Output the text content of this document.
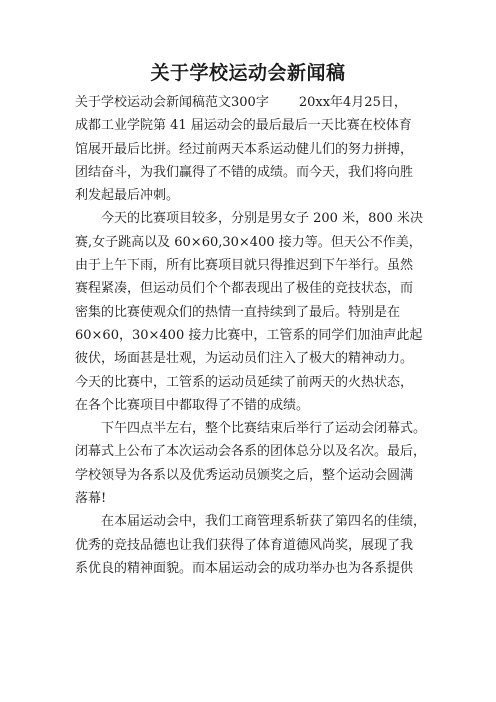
关于学校运动会新闻稿
关于学校运动会新闻稿范文300字 20xx年4月25日，
成都工业学院第 41 届运动会的最后最后一天比赛在校体育
馆展开最后比拼。经过前两天本系运动健儿们的努力拼搏，
团结奋斗，为我们赢得了不错的成绩。而今天，我们将向胜
利发起最后冲刺。
今天的比赛项目较多，分别是男女子 200 米，800 米决
赛,女子跳高以及 60×60,30×400 接力等。但天公不作美，
由于上午下雨，所有比赛项目就只得推迟到下午举行。虽然
赛程紧凑，但运动员们个个都表现出了极佳的竞技状态，而
密集的比赛使观众们的热情一直持续到了最后。特别是在
60×60，30×400 接力比赛中，工管系的同学们加油声此起
彼伏，场面甚是壮观，为运动员们注入了极大的精神动力。
今天的比赛中，工管系的运动员延续了前两天的火热状态，
在各个比赛项目中都取得了不错的成绩。
下午四点半左右，整个比赛结束后举行了运动会闭幕式。
闭幕式上公布了本次运动会各系的团体总分以及名次。最后，
学校领导为各系以及优秀运动员颁奖之后，整个运动会圆满
落幕!
在本届运动会中，我们工商管理系斩获了第四名的佳绩，
优秀的竞技品德也让我们获得了体育道德风尚奖，展现了我
系优良的精神面貌。而本届运动会的成功举办也为各系提供
